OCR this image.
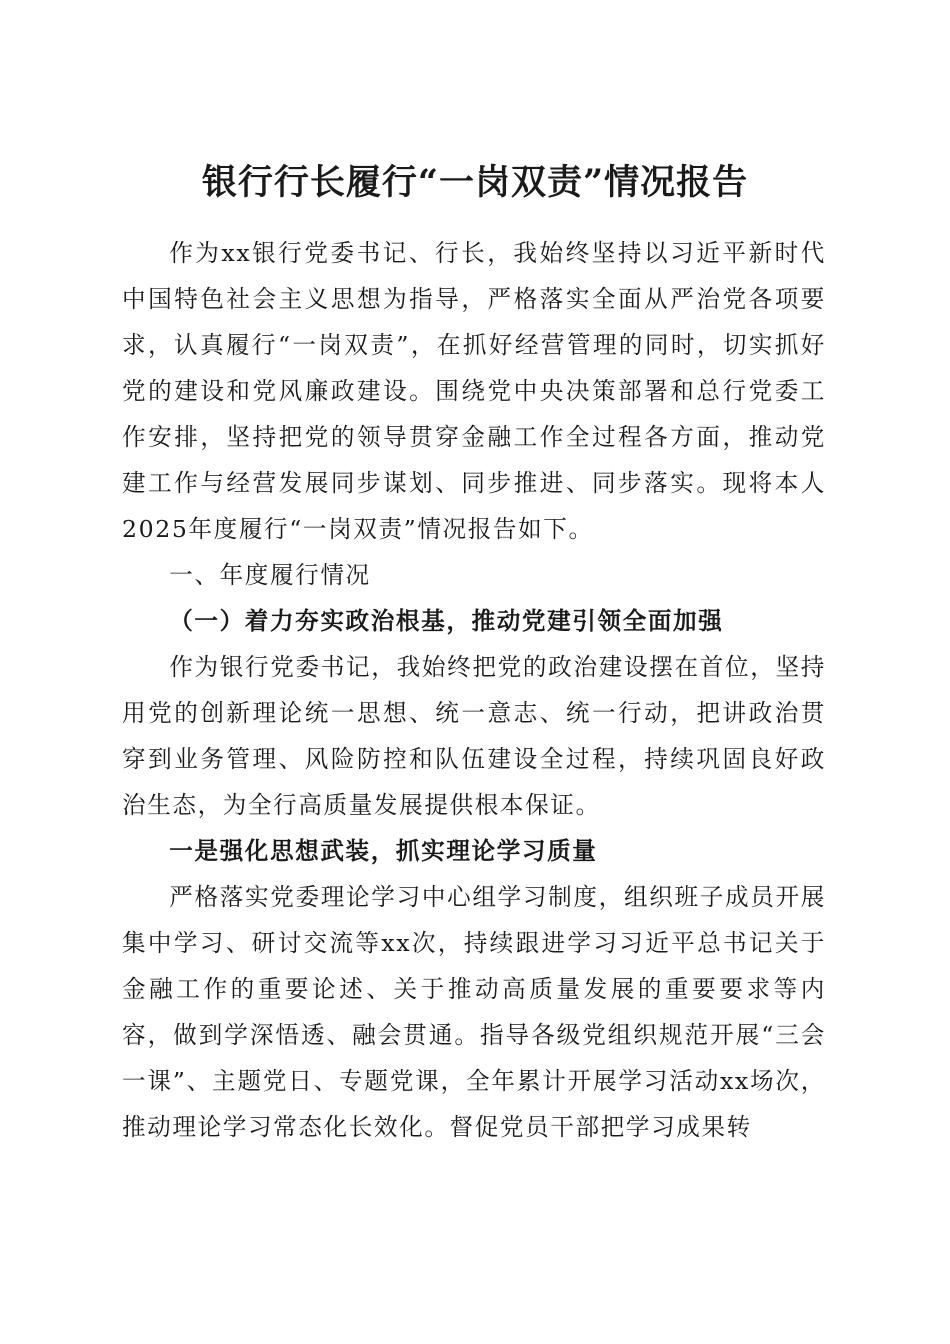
银行行长履行“一岗双责”情况报告

作为xx银行党委书记、行长，我始终坚持以习近平新时代中国特色社会主义思想为指导，严格落实全面从严治党各项要求，认真履行“一岗双责”，在抓好经营管理的同时，切实抓好党的建设和党风廉政建设。围绕党中央决策部署和总行党委工作安排，坚持把党的领导贯穿金融工作全过程各方面，推动党建工作与经营发展同步谋划、同步推进、同步落实。现将本人2025年度履行“一岗双责”情况报告如下。

一、年度履行情况

（一）着力夯实政治根基，推动党建引领全面加强

作为银行党委书记，我始终把党的政治建设摆在首位，坚持用党的创新理论统一思想、统一意志、统一行动，把讲政治贯穿到业务管理、风险防控和队伍建设全过程，持续巩固良好政治生态，为全行高质量发展提供根本保证。

一是强化思想武装，抓实理论学习质量

严格落实党委理论学习中心组学习制度，组织班子成员开展集中学习、研讨交流等xx次，持续跟进学习习近平总书记关于金融工作的重要论述、关于推动高质量发展的重要要求等内容，做到学深悟透、融会贯通。指导各级党组织规范开展“三会一课”、主题党日、专题党课，全年累计开展学习活动xx场次，推动理论学习常态化长效化。督促党员干部把学习成果转
